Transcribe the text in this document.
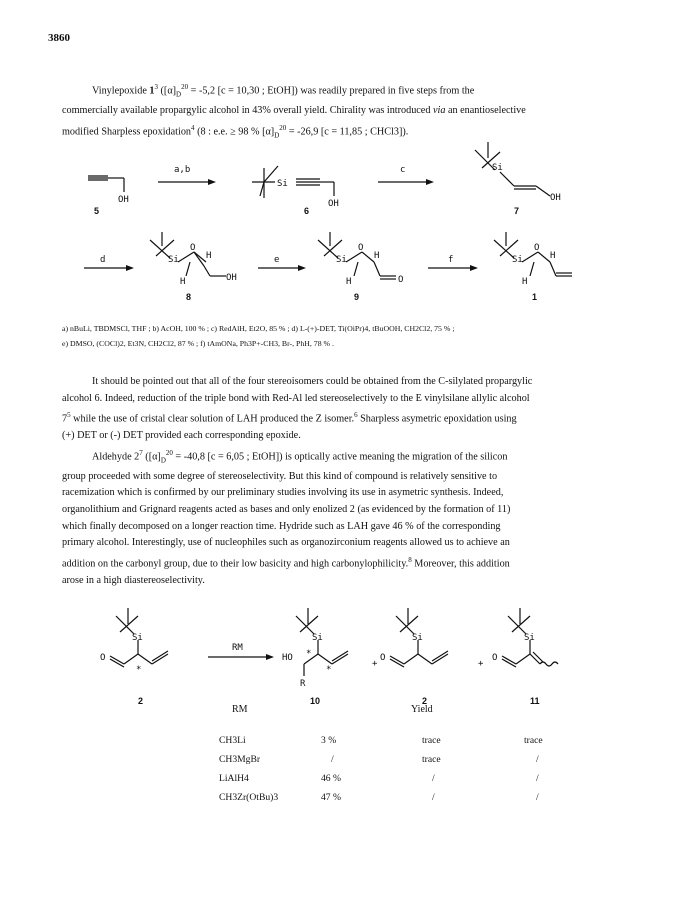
3860

Vinylepoxide $1^3$ ($[\alpha]_D^{20} = -5,2$ [c = 10,30 ; EtOH]) was readily prepared in five steps from the

commercially available propargylic alcohol in 43% overall yield. Chirality was introduced via an enantioselective

modified Sharpless epoxidation$^4$ (8 : e.e. ≥ 98 % $[\alpha]_D^{20} = -26,9$ [c = 11,85 ; CHCl3]).

a,b	c
d	e	f
OH
Si
OH
Si
OH
Si
O
H
H	OH
Si
O
H
H	O
Si
O
H
H
5	6	7
8	9	1
a) nBuLi, TBDMSCl, THF ; b) AcOH, 100 % ; c) RedAlH, Et2O, 85 % ; d) L-(+)-DET, Ti(OiPr)4, tBuOOH, CH2Cl2, 75 % ;
e) DMSO, (COCl)2, Et3N, CH2Cl2, 87 % ; f) tAmONa, Ph3P+-CH3, Br-, PhH, 78 % .

It should be pointed out that all of the four stereoisomers could be obtained from the C-silylated propargylic

alcohol 6. Indeed, reduction of the triple bond with Red-Al led stereoselectively to the E vinylsilane allylic alcohol

$7^5$ while the use of cristal clear solution of LAH produced the Z isomer.$^6$ Sharpless asymetric epoxidation using

(+) DET or (-) DET provided each corresponding epoxide.

Aldehyde $2^7$ ($[\alpha]_D^{20} = -40,8$ [c = 6,05 ; EtOH]) is optically active meaning the migration of the silicon

group proceeded with some degree of stereoselectivity. But this kind of compound is relatively sensitive to

racemization which is confirmed by our preliminary studies involving its use in asymetric synthesis. Indeed,

organolithium and Grignard reagents acted as bases and only enolized 2 (as evidenced by the formation of 11)

which finally decomposed on a longer reaction time. Hydride such as LAH gave 46 % of the corresponding

primary alcohol. Interestingly, use of nucleophiles such as organozirconium reagents allowed us to achieve an

addition on the carbonyl group, due to their low basicity and high carbonylophilicity.$^8$ Moreover, this addition

arose in a high diastereoselectivity.

Si
O
*
RM
Si
HO
R
*
*
+
Si
O
+
Si
O
2	10	2	11
RM	Yield
CH3Li	3 %	trace	trace
CH3MgBr	/	trace	/
LiAlH4	46 %	/	/
CH3Zr(OtBu)3	47 %	/	/
